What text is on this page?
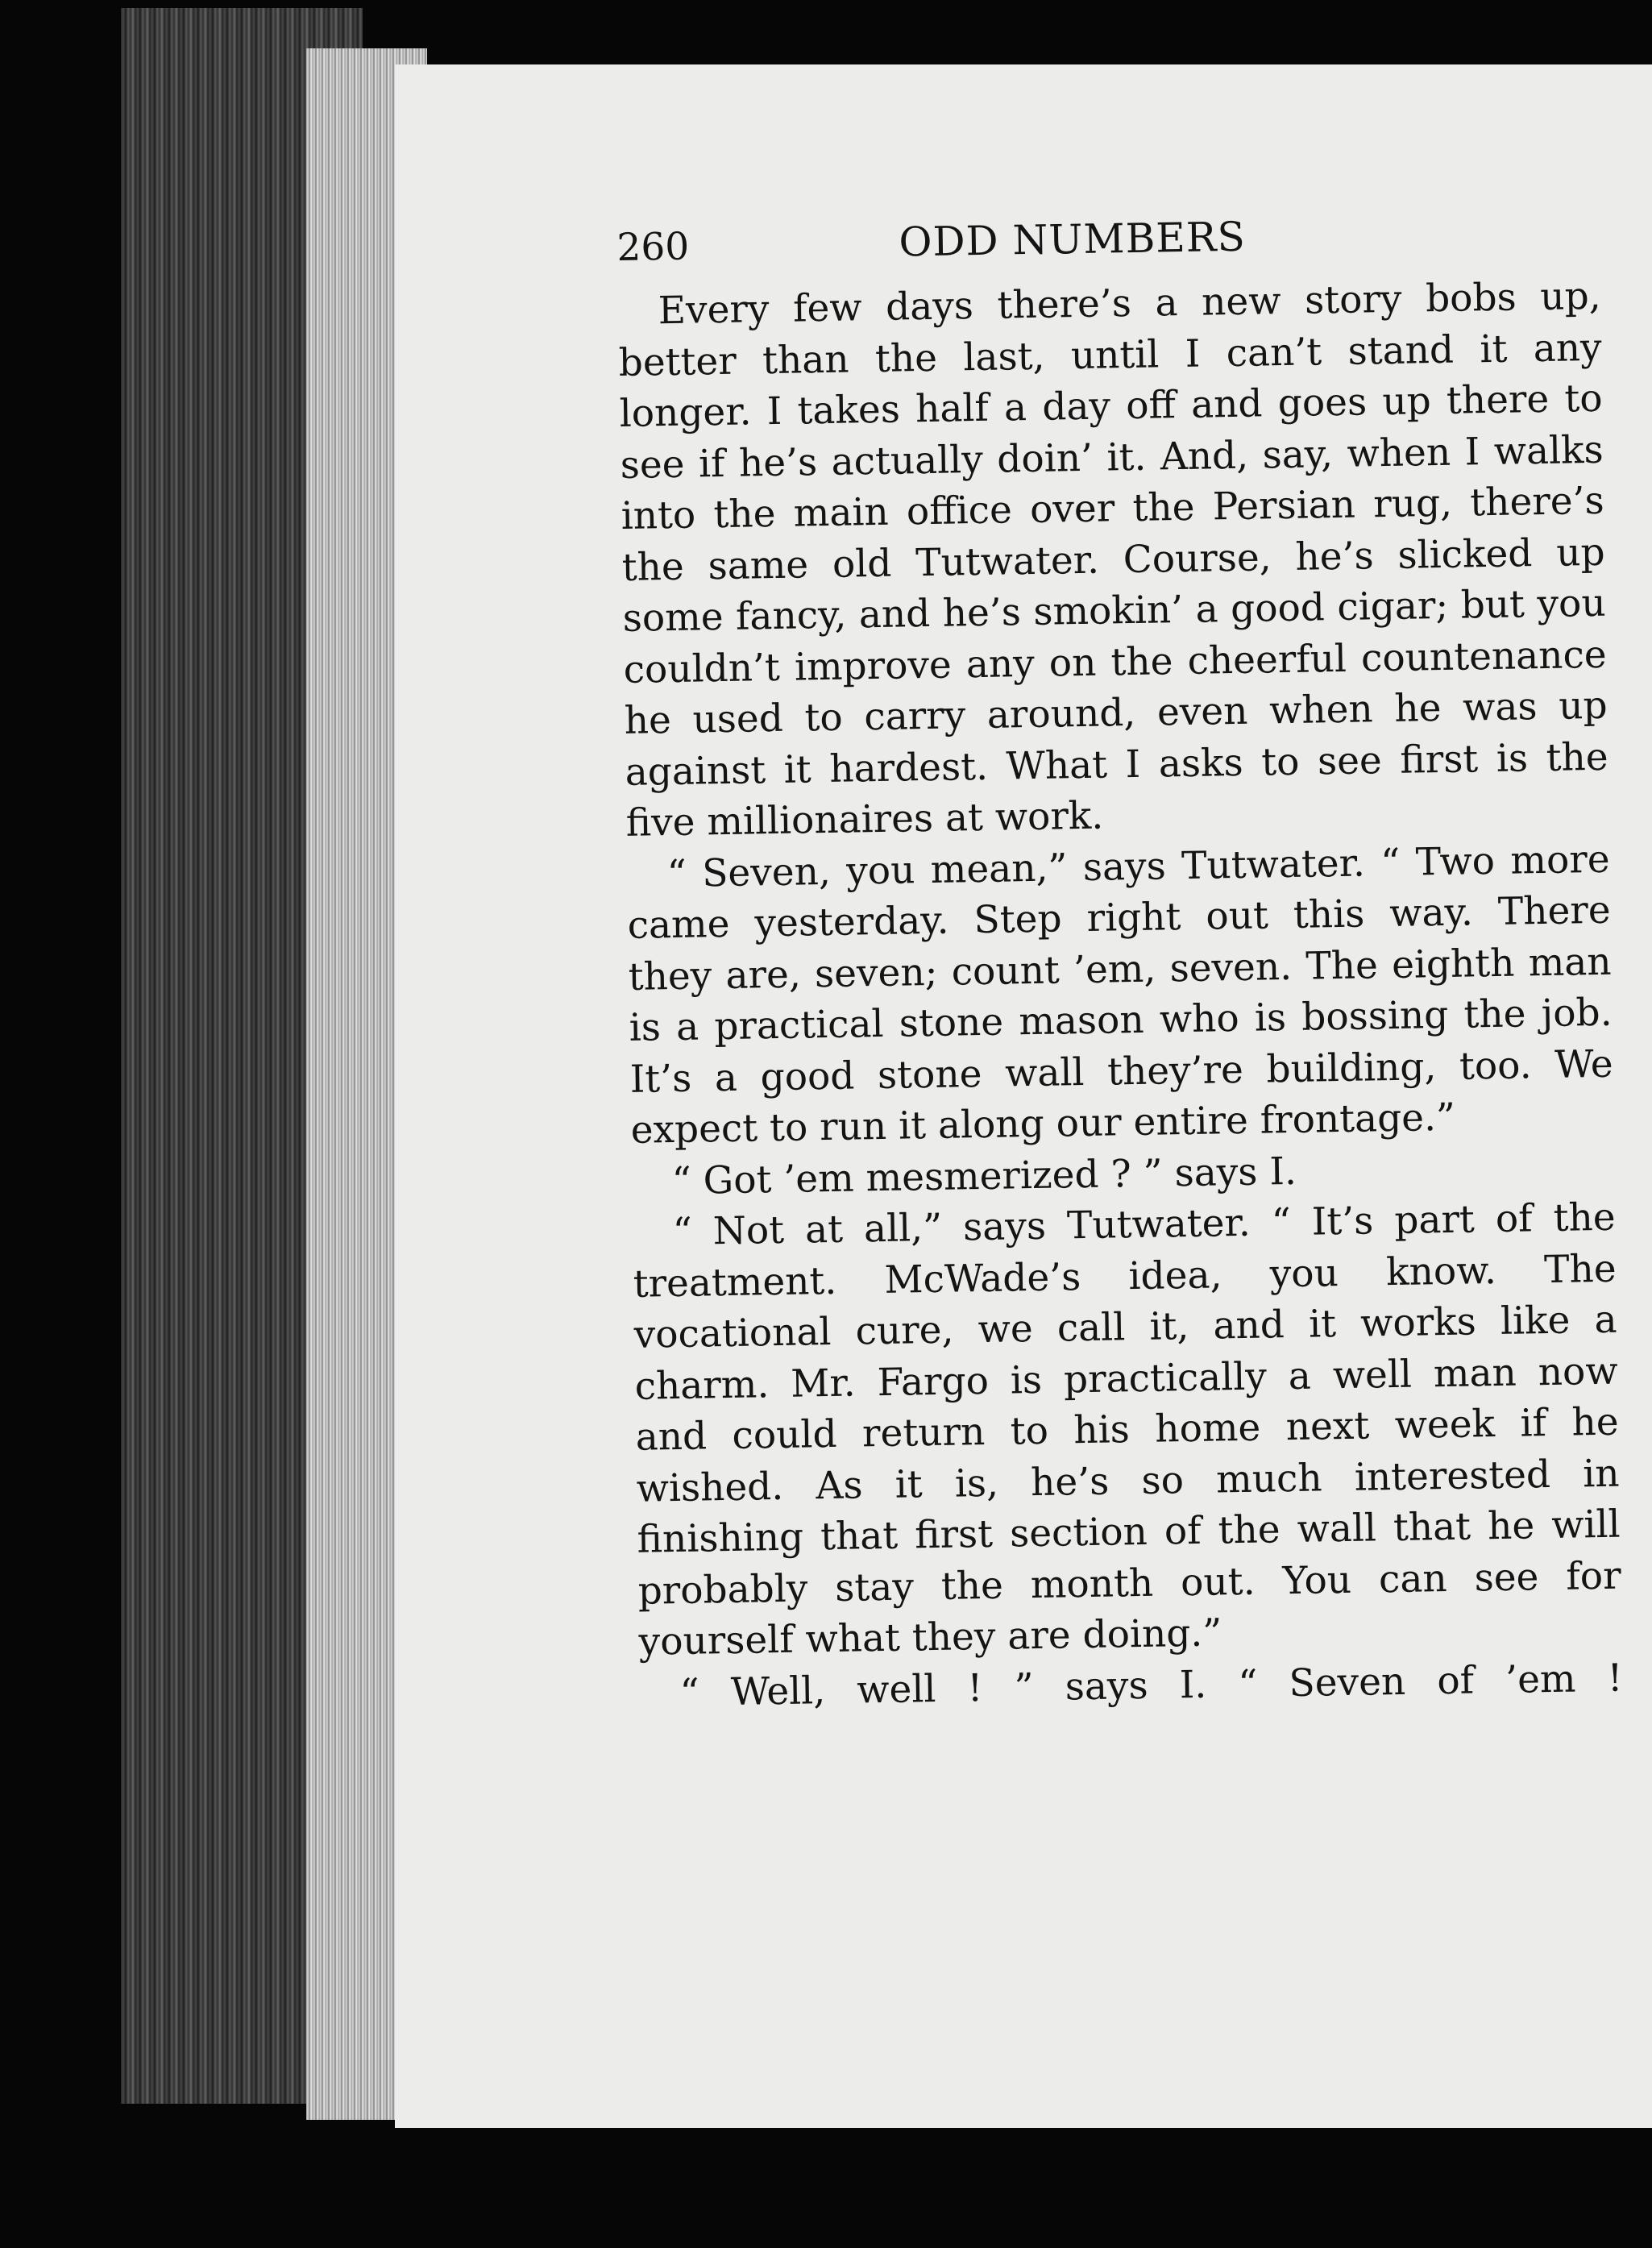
260	ODD NUMBERS

Every few days there’s a new story bobs up, better than the last, until I can’t stand it any longer. I takes half a day off and goes up there to see if he’s actually doin’ it. And, say, when I walks into the main office over the Persian rug, there’s the same old Tutwater. Course, he’s slicked up some fancy, and he’s smokin’ a good cigar; but you couldn’t improve any on the cheerful countenance he used to carry around, even when he was up against it hardest. What I asks to see first is the five millionaires at work.

“ Seven, you mean,” says Tutwater. “ Two more came yesterday. Step right out this way. There they are, seven; count ’em, seven. The eighth man is a practical stone mason who is bossing the job. It’s a good stone wall they’re building, too. We expect to run it along our entire frontage.”

“ Got ’em mesmerized ? ” says I.

“ Not at all,” says Tutwater. “ It’s part of the treatment. McWade’s idea, you know. The vocational cure, we call it, and it works like a charm. Mr. Fargo is practically a well man now and could return to his home next week if he wished. As it is, he’s so much interested in finishing that first section of the wall that he will probably stay the month out. You can see for yourself what they are doing.”

“ Well, well ! ” says I. “ Seven of ’em !
